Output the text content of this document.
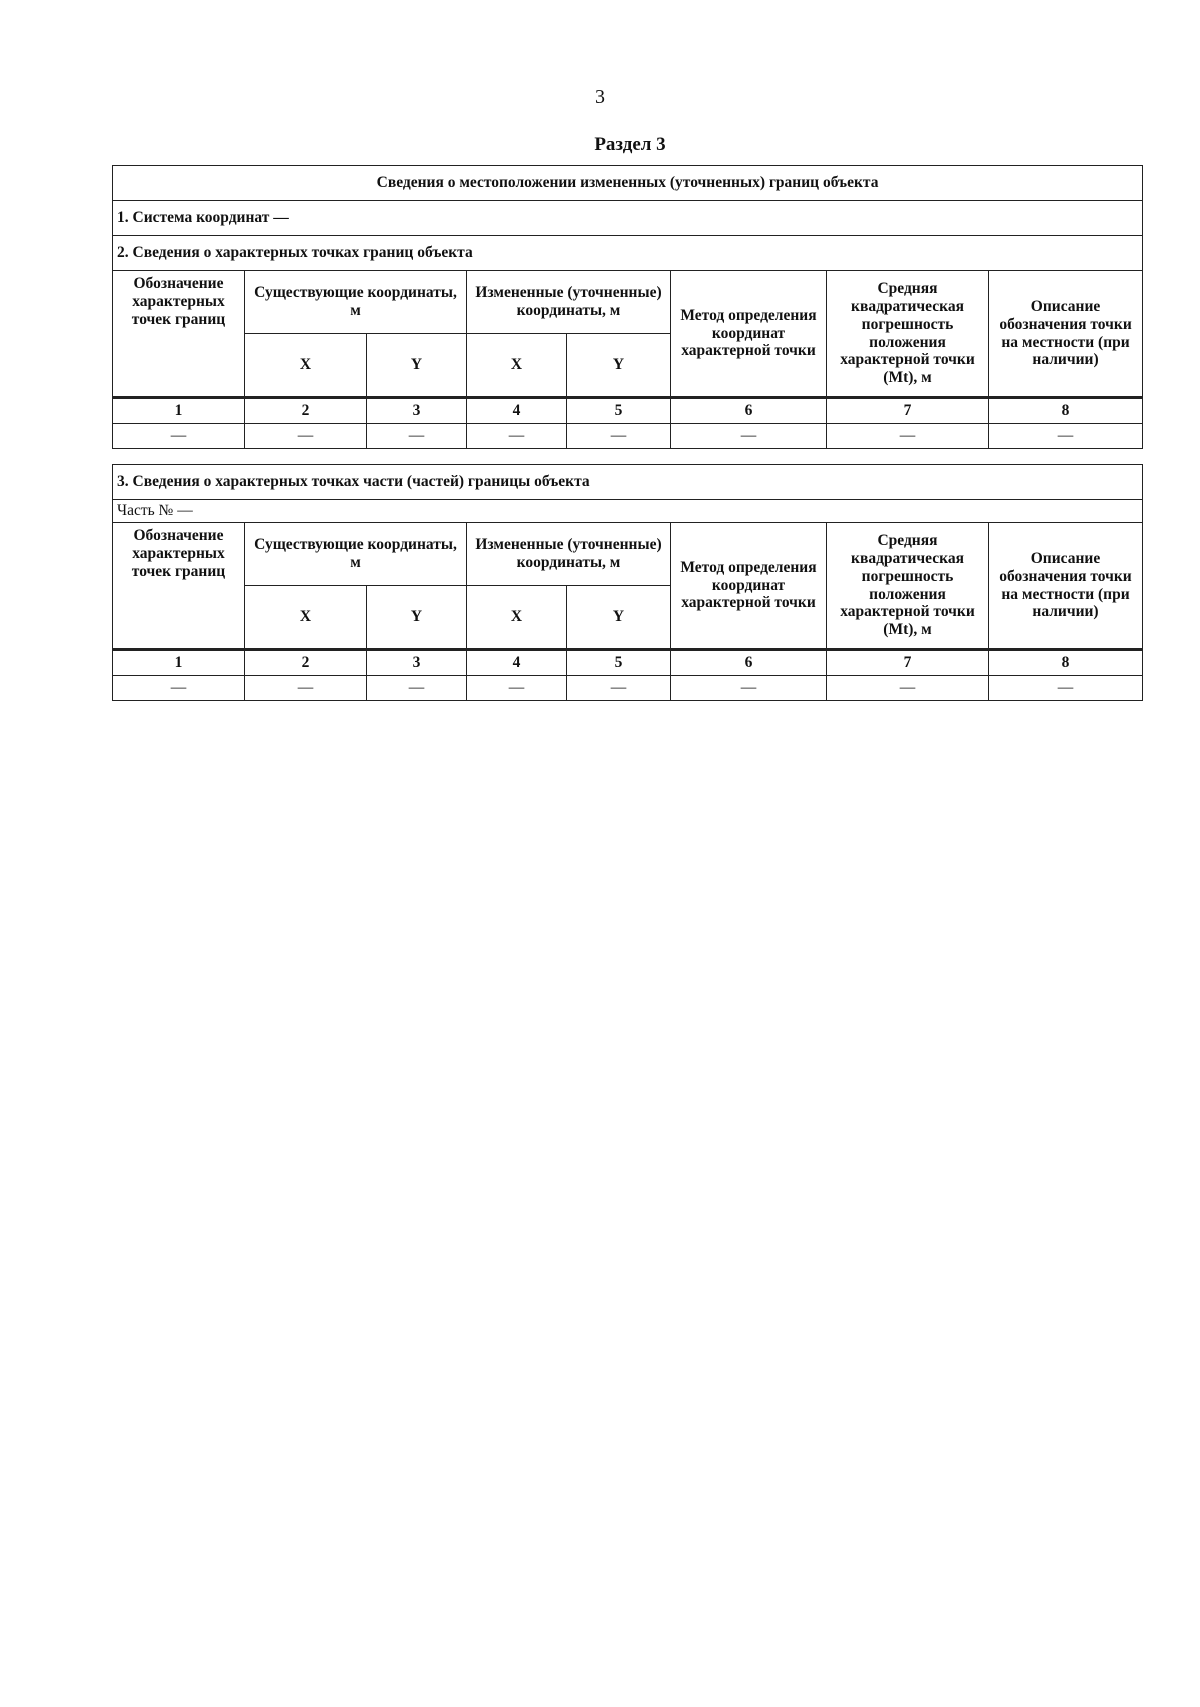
3
Раздел 3
Сведения о местоположении измененных (уточненных) границ объекта							
1. Система координат —							
2. Сведения о характерных точках границ объекта							
Обозначение характерных точек границ	Существующие координаты, м		Измененные (уточненные) координаты, м		Метод определения координат характерной точки	Средняя квадратическая погрешность положения характерной точки (Mt), м	Описание обозначения точки на местности (при наличии)
	X	Y	X	Y			
1	2	3	4	5	6	7	8
—	—	—	—	—	—	—	—
3. Сведения о характерных точках части (частей) границы объекта							
Часть № —							
Обозначение характерных точек границ	Существующие координаты, м		Измененные (уточненные) координаты, м		Метод определения координат характерной точки	Средняя квадратическая погрешность положения характерной точки (Mt), м	Описание обозначения точки на местности (при наличии)
	X	Y	X	Y			
1	2	3	4	5	6	7	8
—	—	—	—	—	—	—	—
